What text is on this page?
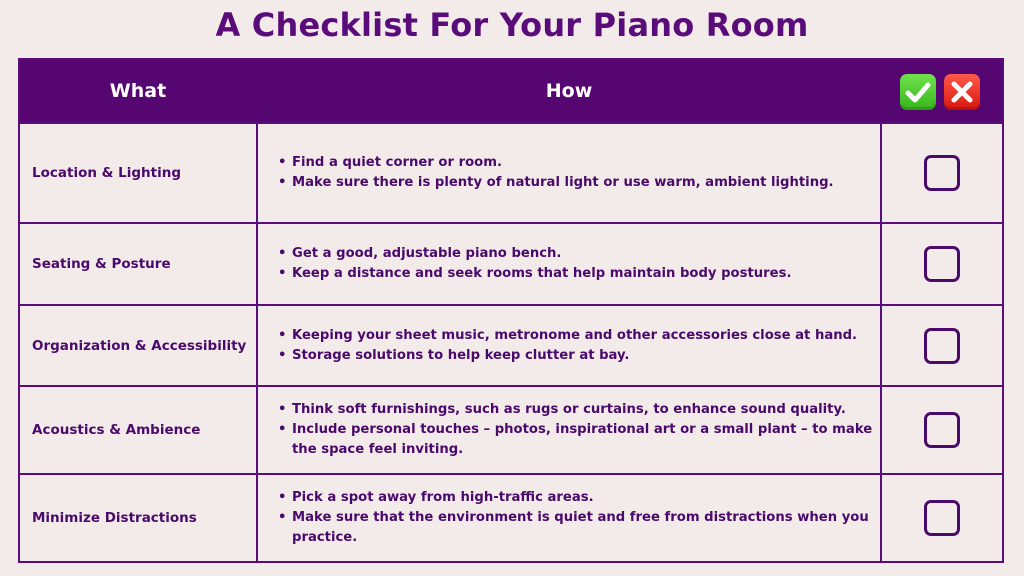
A Checklist For Your Piano Room
What	How
Location & Lighting
• Find a quiet corner or room.
• Make sure there is plenty of natural light or use warm, ambient lighting.
Seating & Posture
• Get a good, adjustable piano bench.
• Keep a distance and seek rooms that help maintain body postures.
Organization & Accessibility
• Keeping your sheet music, metronome and other accessories close at hand.
• Storage solutions to help keep clutter at bay.
Acoustics & Ambience
• Think soft furnishings, such as rugs or curtains, to enhance sound quality.
• Include personal touches – photos, inspirational art or a small plant – to make the space feel inviting.
Minimize Distractions
• Pick a spot away from high-traffic areas.
• Make sure that the environment is quiet and free from distractions when you practice.
